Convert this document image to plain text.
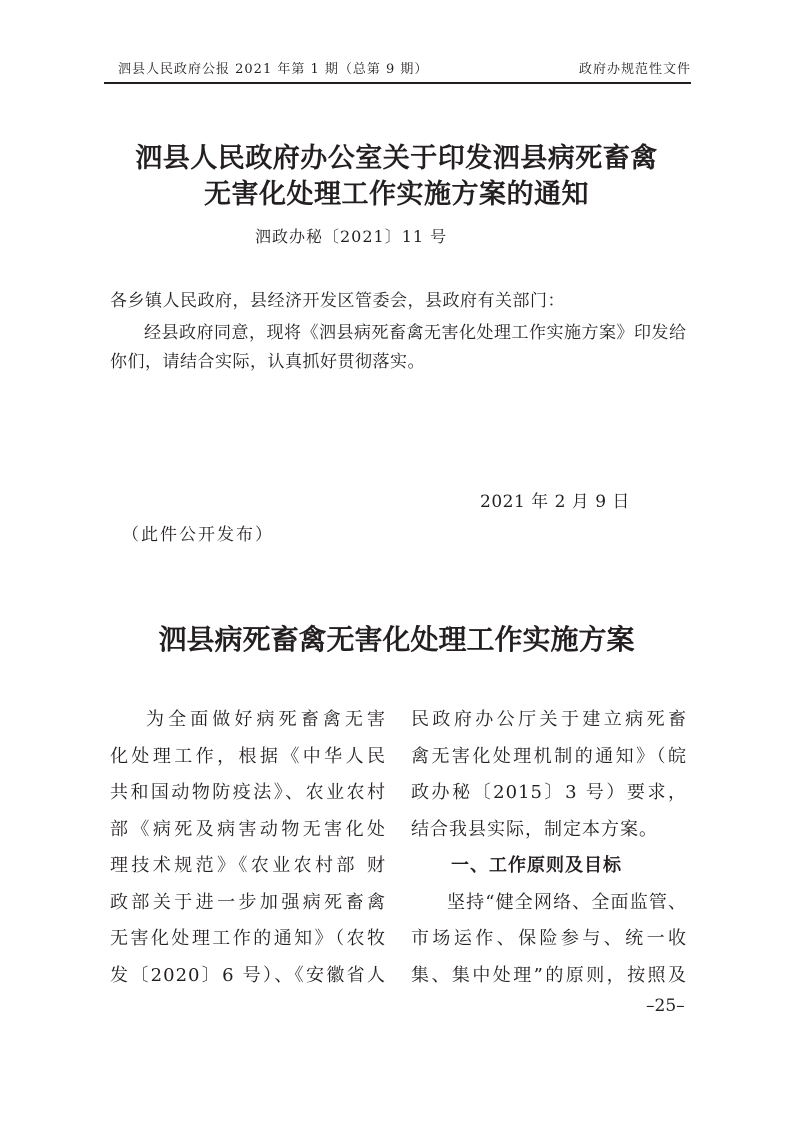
泗县人民政府公报 2021 年第 1 期（总第 9 期）	政府办规范性文件
泗县人民政府办公室关于印发泗县病死畜禽
无害化处理工作实施方案的通知
泗政办秘〔2021〕11 号
各乡镇人民政府，县经济开发区管委会，县政府有关部门：
经县政府同意，现将《泗县病死畜禽无害化处理工作实施方案》印发给你们，请结合实际，认真抓好贯彻落实。
2021 年 2 月 9 日
（此件公开发布）
泗县病死畜禽无害化处理工作实施方案
为全面做好病死畜禽无害
化处理工作，根据《中华人民
共和国动物防疫法》、农业农村
部《病死及病害动物无害化处
理技术规范》《农业农村部 财
政部关于进一步加强病死畜禽
无害化处理工作的通知》（农牧
发〔2020〕6 号）、《安徽省人
民政府办公厅关于建立病死畜
禽无害化处理机制的通知》（皖
政办秘〔2015〕3 号）要求，
结合我县实际，制定本方案。
一、工作原则及目标
坚持“健全网络、全面监管、
市场运作、保险参与、统一收
集、集中处理”的原则，按照及
–25–
